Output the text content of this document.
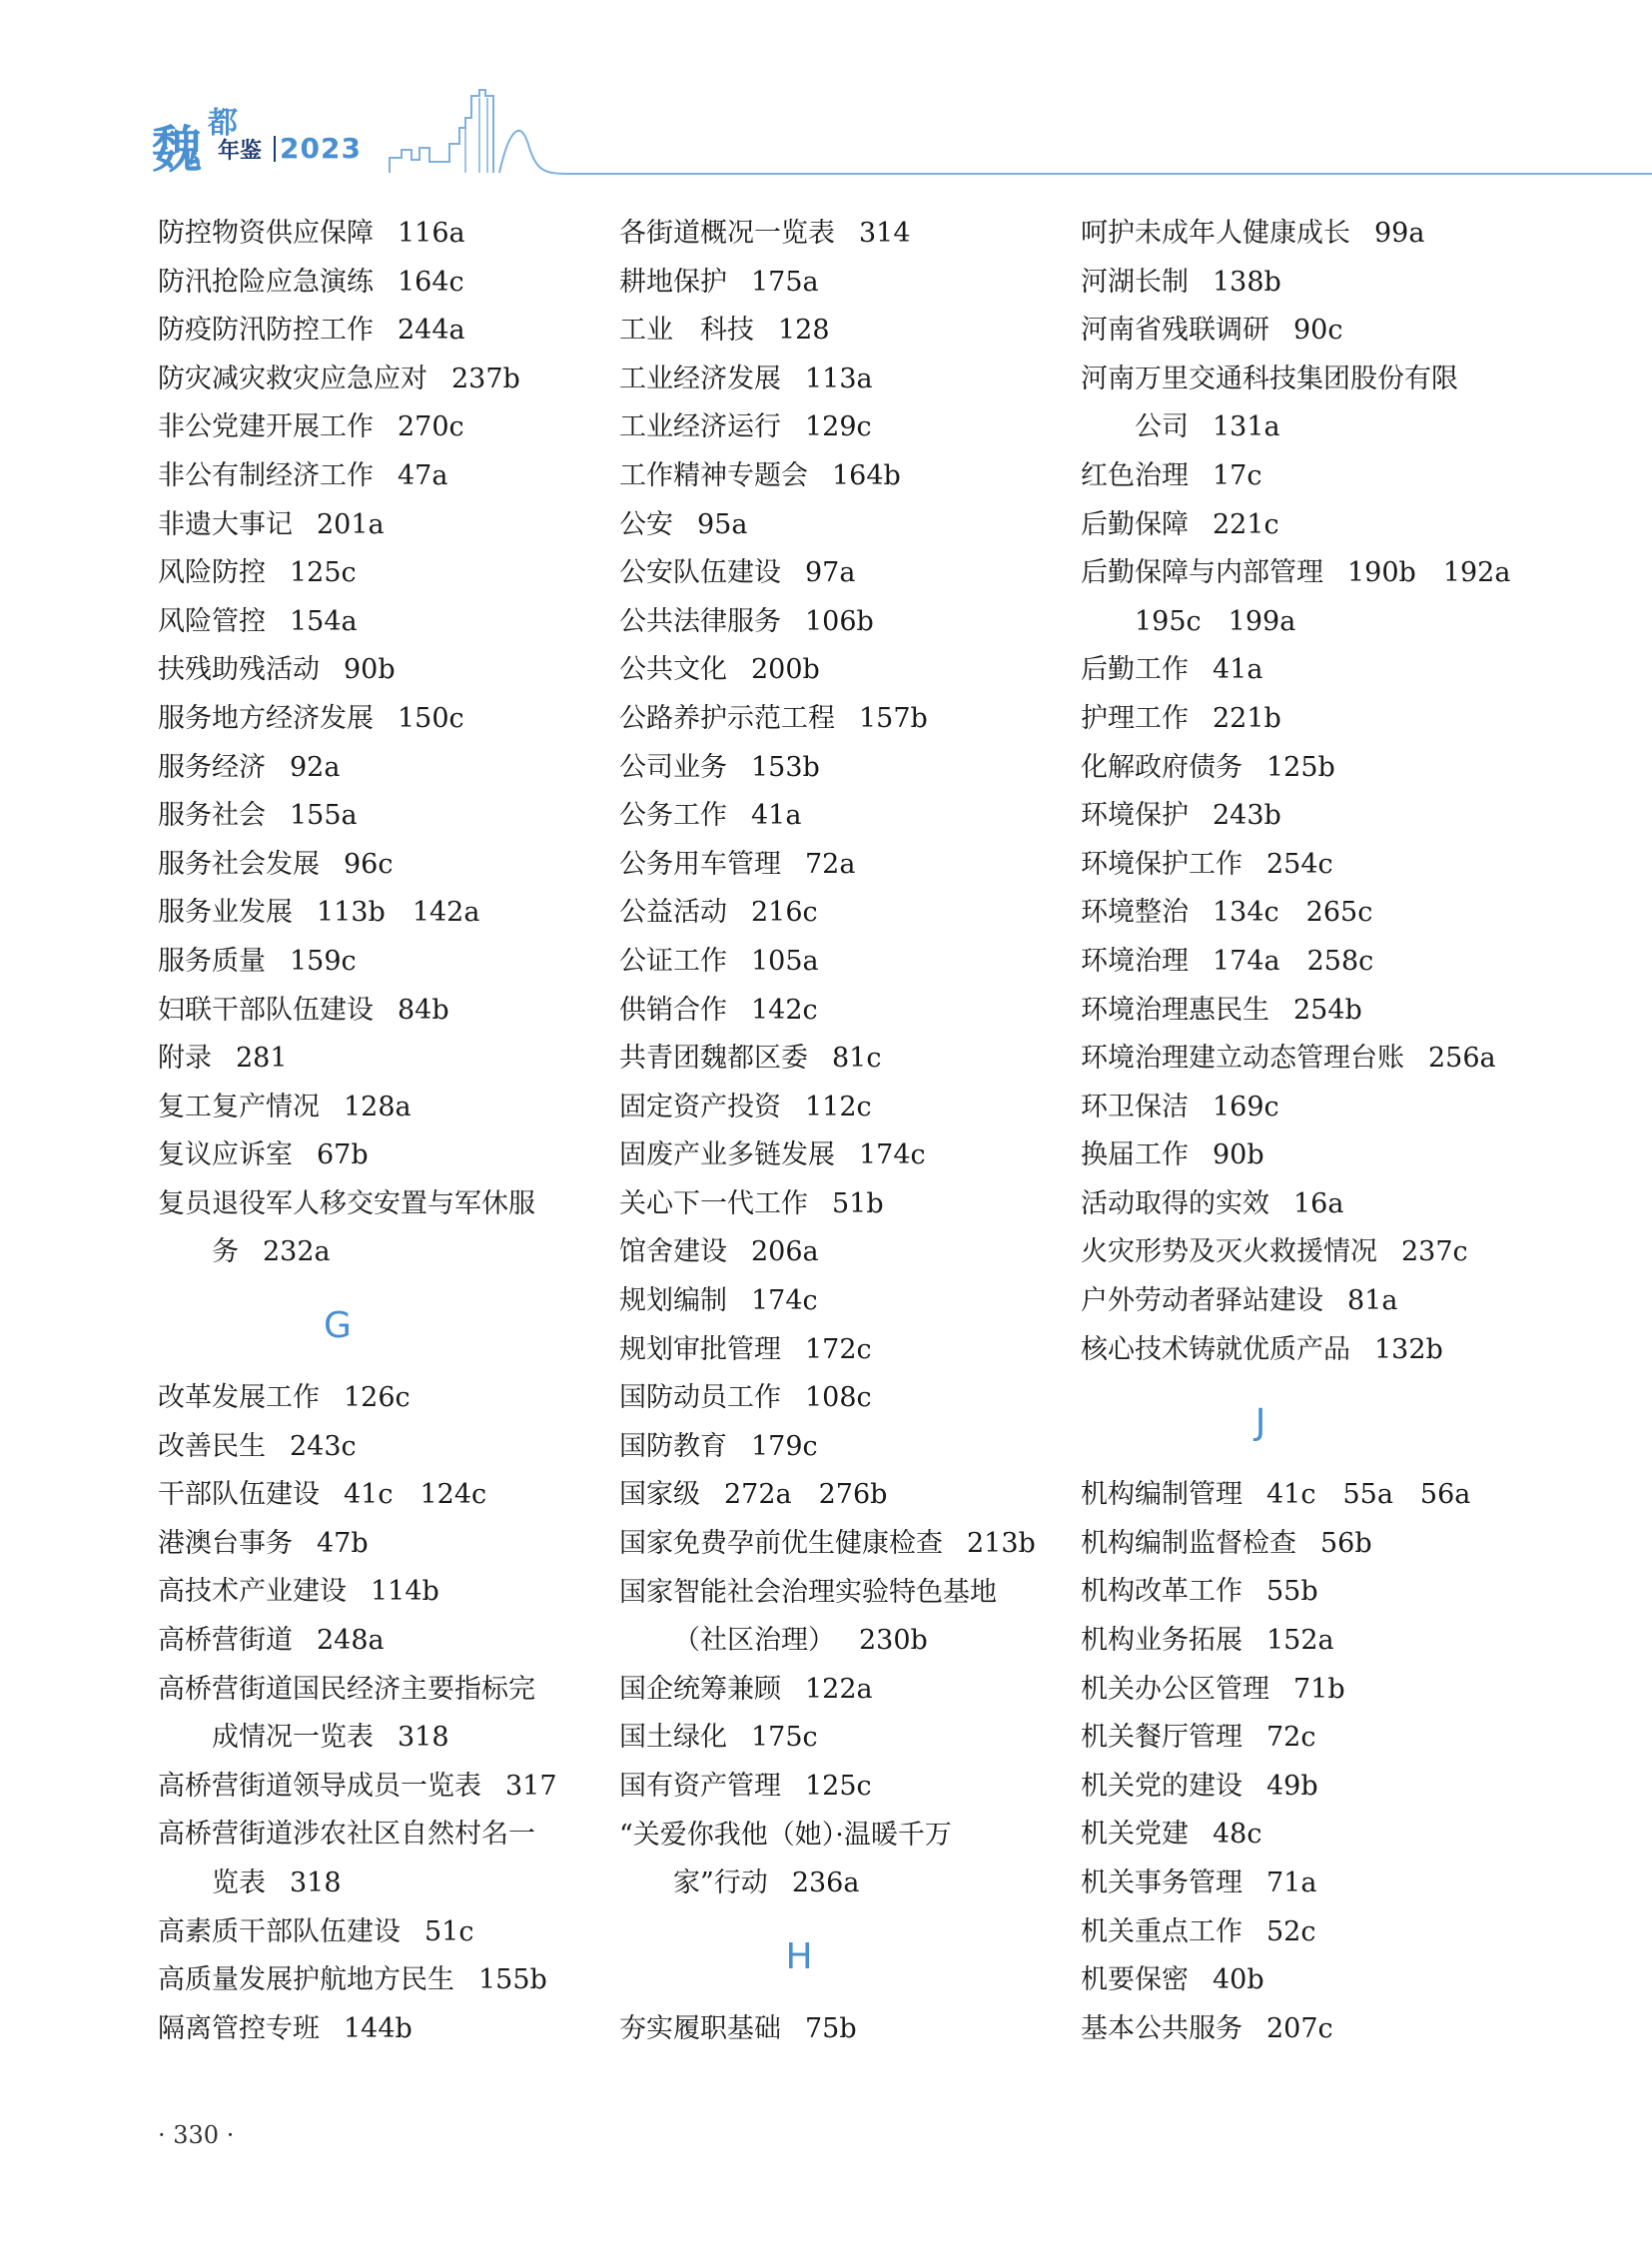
魏 都
年鉴 2023
防控物资供应保障 116a
防汛抢险应急演练 164c
防疫防汛防控工作 244a
防灾减灾救灾应急应对 237b
非公党建开展工作 270c
非公有制经济工作 47a
非遗大事记 201a
风险防控 125c
风险管控 154a
扶残助残活动 90b
服务地方经济发展 150c
服务经济 92a
服务社会 155a
服务社会发展 96c
服务业发展 113b　142a
服务质量 159c
妇联干部队伍建设 84b
附录 281
复工复产情况 128a
复议应诉室 67b
复员退役军人移交安置与军休服
务 232a
G
改革发展工作 126c
改善民生 243c
干部队伍建设 41c　124c
港澳台事务 47b
高技术产业建设 114b
高桥营街道 248a
高桥营街道国民经济主要指标完
成情况一览表 318
高桥营街道领导成员一览表 317
高桥营街道涉农社区自然村名一
览表 318
高素质干部队伍建设 51c
高质量发展护航地方民生 155b
隔离管控专班 144b
各街道概况一览表 314
耕地保护 175a
工业　科技 128
工业经济发展 113a
工业经济运行 129c
工作精神专题会 164b
公安 95a
公安队伍建设 97a
公共法律服务 106b
公共文化 200b
公路养护示范工程 157b
公司业务 153b
公务工作 41a
公务用车管理 72a
公益活动 216c
公证工作 105a
供销合作 142c
共青团魏都区委 81c
固定资产投资 112c
固废产业多链发展 174c
关心下一代工作 51b
馆舍建设 206a
规划编制 174c
规划审批管理 172c
国防动员工作 108c
国防教育 179c
国家级 272a　276b
国家免费孕前优生健康检查 213b
国家智能社会治理实验特色基地
（社区治理） 230b
国企统筹兼顾 122a
国土绿化 175c
国有资产管理 125c
“关爱你我他（她）·温暖千万
家”行动 236a
H
夯实履职基础 75b
呵护未成年人健康成长 99a
河湖长制 138b
河南省残联调研 90c
河南万里交通科技集团股份有限
公司 131a
红色治理 17c
后勤保障 221c
后勤保障与内部管理 190b　192a
195c　199a
后勤工作 41a
护理工作 221b
化解政府债务 125b
环境保护 243b
环境保护工作 254c
环境整治 134c　265c
环境治理 174a　258c
环境治理惠民生 254b
环境治理建立动态管理台账 256a
环卫保洁 169c
换届工作 90b
活动取得的实效 16a
火灾形势及灭火救援情况 237c
户外劳动者驿站建设 81a
核心技术铸就优质产品 132b
J
机构编制管理 41c　55a　56a
机构编制监督检查 56b
机构改革工作 55b
机构业务拓展 152a
机关办公区管理 71b
机关餐厅管理 72c
机关党的建设 49b
机关党建 48c
机关事务管理 71a
机关重点工作 52c
机要保密 40b
基本公共服务 207c
· 330 ·
